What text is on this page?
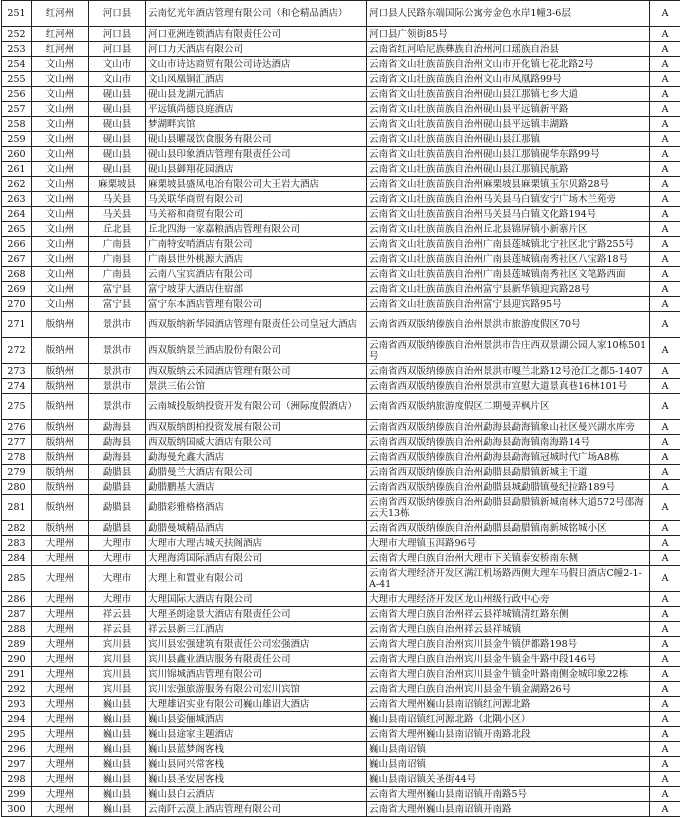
251	红河州	河口县	云南忆光年酒店管理有限公司（和仑精品酒店）	河口县人民路东端国际公寓旁金色水岸1幢3-6层	A
252	红河州	河口县	河口亚洲连锁酒店有限责任公司	河口县广领街85号	A
253	红河州	河口县	河口力天酒店有限公司	云南省红河哈尼族彝族自治州河口瑶族自治县	A
254	文山州	文山市	文山市诗达商贸有限公司诗达酒店	云南省文山壮族苗族自治州文山市开化镇七花北路2号	A
255	文山州	文山市	文山凤凰铜汇酒店	云南省文山壮族苗族自治州文山市凤凰路99号	A
256	文山州	砚山县	砚山县龙湖元酒店	云南省文山壮族苗族自治州砚山县江那镇七乡大道	A
257	文山州	砚山县	平远镇尚德良庭酒店	云南省文山壮族苗族自治州砚山县平远镇新平路	A
258	文山州	砚山县	梦湖畔宾馆	云南省文山壮族苗族自治州砚山县平远镇丰湖路	A
259	文山州	砚山县	砚山县曜晟饮食服务有限公司	云南省文山壮族苗族自治州砚山县江那镇	A
260	文山州	砚山县	砚山县印象酒店管理有限责任公司	云南省文山壮族苗族自治州砚山县江那镇砚华东路99号	A
261	文山州	砚山县	砚山县御翔花园酒店	云南省文山壮族苗族自治州砚山县江那镇民航路	A
262	文山州	麻栗坡县	麻栗坡县盛凤电冶有限公司大王岩大酒店	云南省文山壮族苗族自治州麻栗坡县麻栗镇玉尔贝路28号	A
263	文山州	马关县	马关联华商贸有限公司	云南省文山壮族苗族自治州马关县马白镇安宁广场木兰苑旁	A
264	文山州	马关县	马关裕和商贸有限公司	云南省文山壮族苗族自治州马关县马白镇文化路194号	A
265	文山州	丘北县	丘北四海一家嘉粮酒店管理有限公司	云南省文山壮族苗族自治州丘北县锦屏镇小新寨片区	A
266	文山州	广南县	广南特安哨酒店有限公司	云南省文山壮族苗族自治州广南县莲城镇北宁社区北宁路255号	A
267	文山州	广南县	广南县世外桃源大酒店	云南省文山壮族苗族自治州广南县莲城镇南秀社区八宝路18号	A
268	文山州	广南县	云南八宝宾酒店有限公司	云南省文山壮族苗族自治州广南县莲城镇南秀社区文笔路西面	A
269	文山州	富宁县	富宁坡芽大酒店住宿部	云南省文山壮族苗族自治州富宁县新华镇迎宾路28号	A
270	文山州	富宁县	富宁东本酒店管理有限公司	云南省文山壮族苗族自治州富宁县迎宾路95号	A
271	版纳州	景洪市	西双版纳新华园酒店管理有限责任公司皇冠大酒店	云南省西双版纳傣族自治州景洪市旅游度假区70号	A
272	版纳州	景洪市	西双版纳景兰酒店股份有限公司	云南省西双版纳傣族自治州景洪市告庄西双景湖公园人家10栋501号	A
273	版纳州	景洪市	西双版纳云禾园酒店管理有限公司	云南省西双版纳傣族自治州景洪市嘎兰北路12号沧江之都5-1407	A
274	版纳州	景洪市	景洪三佑公馆	云南省西双版纳傣族自治州景洪市宣慰大道景真巷16林101号	A
275	版纳州	景洪市	云南城投版纳投资开发有限公司（洲际度假酒店）	云南省西双版纳旅游度假区二期曼弄枫片区	A
276	版纳州	勐海县	西双版纳朗柏投资发展有限公司	云南省西双版纳傣族自治州勐海县勐海镇象山社区曼兴湖水库旁	A
277	版纳州	勐海县	西双版纳国威大酒店有限公司	云南省西双版纳傣族自治州勐海县勐海镇南海路14号	A
278	版纳州	勐海县	勐海曼允鑫大酒店	云南省西双版纳傣族自治州勐海县勐海镇冠城时代广场A8栋	A
279	版纳州	勐腊县	勐腊曼兰大酒店有限公司	云南省西双版纳傣族自治州勐腊县勐腊镇新城主干道	A
280	版纳州	勐腊县	勐腊鹏基大酒店	云南省西双版纳傣族自治州勐腊县城勐腊镇曼纪拉路189号	A
281	版纳州	勐腊县	勐腊彩雅格格酒店	云南省西双版纳傣族自治州勐腊县勐腊镇新城南林大道572号邵海云天13栋	A
282	版纳州	勐腊县	勐腊曼城精品酒店	云南省西双版纳傣族自治州勐腊县勐腊镇南新城铭城小区	A
283	大理州	大理市	大理市大理古城天扶阁酒店	大理市大理镇玉洱路96号	A
284	大理州	大理市	大理海湾国际酒店有限公司	云南省大理白族自治州大理市下关镇泰安桥南东侧	A
285	大理州	大理市	大理上和置业有限公司	云南省大理经济开发区满江机场路西侧大理车马假日酒店C幢2-1-A-41	A
286	大理州	大理市	大理国际大酒店有限公司	大理市大理经济开发区龙山州级行政中心旁	A
287	大理州	祥云县	大理圣朗途景大酒店有限责任公司	云南省大理白族自治州祥云县祥城镇清红路东侧	A
288	大理州	祥云县	祥云县新三江酒店	云南省大理白族自治州祥云县祥城镇	A
289	大理州	宾川县	宾川县宏强建筑有限责任公司宏强酒店	云南省大理白族自治州宾川县金牛镇伊都路198号	A
290	大理州	宾川县	宾川县鑫业酒店服务有限责任公司	云南省大理白族自治州宾川县金牛镇金牛路中段146号	A
291	大理州	宾川县	宾川锦城酒店管理有限公司	云南省大理白族自治州宾川县金牛镇金叶路南侧金城印象22栋	A
292	大理州	宾川县	宾川宏强旅游服务有限公司宏川宾馆	云南省大理白族自治州宾川县金牛镇金湖路26号	A
293	大理州	巍山县	大理雄诏实业有限公司巍山雄诏大酒店	云南省大理州巍山县南诏镇红河源北路	A
294	大理州	巍山县	巍山县姿俪城酒店	巍山县南诏镇红河源北路（北隅小区）	A
295	大理州	巍山县	巍山县途家主题酒店	云南省大理州巍山县南诏镇开南路北段	A
296	大理州	巍山县	巍山县蓝梦阁客栈	巍山县南诏镇	A
297	大理州	巍山县	巍山县同兴常客栈	巍山县南诏镇	A
298	大理州	巍山县	巍山县圣安居客栈	巍山县南诏镇关圣街44号	A
299	大理州	巍山县	巍山县白云酒店	云南省大理州巍山县南诏镇开南路5号	A
300	大理州	巍山县	云南阡云漠上酒店管理有限公司	云南省大理州巍山县南诏镇开南路	A
